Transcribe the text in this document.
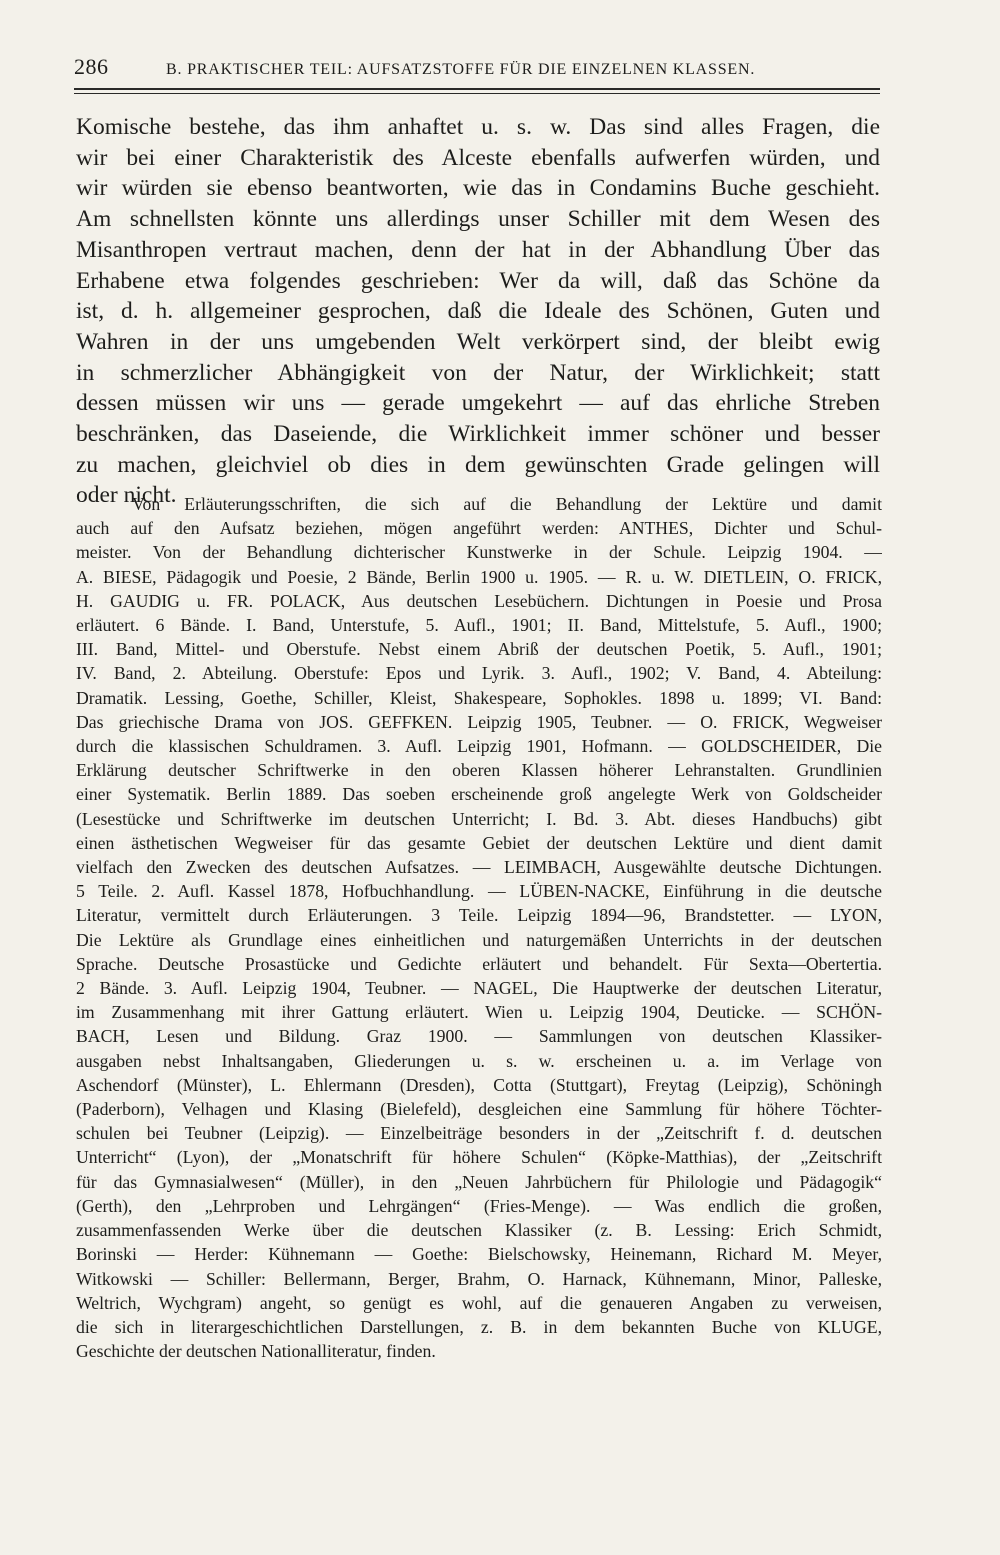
286	B. PRAKTISCHER TEIL: AUFSATZSTOFFE FÜR DIE EINZELNEN KLASSEN.
Komische bestehe, das ihm anhaftet u. s. w. Das sind alles Fragen, die
wir bei einer Charakteristik des Alceste ebenfalls aufwerfen würden, und
wir würden sie ebenso beantworten, wie das in Condamins Buche geschieht.
Am schnellsten könnte uns allerdings unser Schiller mit dem Wesen des
Misanthropen vertraut machen, denn der hat in der Abhandlung Über das
Erhabene etwa folgendes geschrieben: Wer da will, daß das Schöne da
ist, d. h. allgemeiner gesprochen, daß die Ideale des Schönen, Guten und
Wahren in der uns umgebenden Welt verkörpert sind, der bleibt ewig
in schmerzlicher Abhängigkeit von der Natur, der Wirklichkeit; statt
dessen müssen wir uns — gerade umgekehrt — auf das ehrliche Streben
beschränken, das Daseiende, die Wirklichkeit immer schöner und besser
zu machen, gleichviel ob dies in dem gewünschten Grade gelingen will
oder nicht.
Von Erläuterungsschriften, die sich auf die Behandlung der Lektüre und damit
auch auf den Aufsatz beziehen, mögen angeführt werden: ANTHES, Dichter und Schul-
meister. Von der Behandlung dichterischer Kunstwerke in der Schule. Leipzig 1904. —
A. BIESE, Pädagogik und Poesie, 2 Bände, Berlin 1900 u. 1905. — R. u. W. DIETLEIN, O. FRICK,
H. GAUDIG u. FR. POLACK, Aus deutschen Lesebüchern. Dichtungen in Poesie und Prosa
erläutert. 6 Bände. I. Band, Unterstufe, 5. Aufl., 1901; II. Band, Mittelstufe, 5. Aufl., 1900;
III. Band, Mittel- und Oberstufe. Nebst einem Abriß der deutschen Poetik, 5. Aufl., 1901;
IV. Band, 2. Abteilung. Oberstufe: Epos und Lyrik. 3. Aufl., 1902; V. Band, 4. Abteilung:
Dramatik. Lessing, Goethe, Schiller, Kleist, Shakespeare, Sophokles. 1898 u. 1899; VI. Band:
Das griechische Drama von JOS. GEFFKEN. Leipzig 1905, Teubner. — O. FRICK, Wegweiser
durch die klassischen Schuldramen. 3. Aufl. Leipzig 1901, Hofmann. — GOLDSCHEIDER, Die
Erklärung deutscher Schriftwerke in den oberen Klassen höherer Lehranstalten. Grundlinien
einer Systematik. Berlin 1889. Das soeben erscheinende groß angelegte Werk von Goldscheider
(Lesestücke und Schriftwerke im deutschen Unterricht; I. Bd. 3. Abt. dieses Handbuchs) gibt
einen ästhetischen Wegweiser für das gesamte Gebiet der deutschen Lektüre und dient damit
vielfach den Zwecken des deutschen Aufsatzes. — LEIMBACH, Ausgewählte deutsche Dichtungen.
5 Teile. 2. Aufl. Kassel 1878, Hofbuchhandlung. — LÜBEN-NACKE, Einführung in die deutsche
Literatur, vermittelt durch Erläuterungen. 3 Teile. Leipzig 1894—96, Brandstetter. — LYON,
Die Lektüre als Grundlage eines einheitlichen und naturgemäßen Unterrichts in der deutschen
Sprache. Deutsche Prosastücke und Gedichte erläutert und behandelt. Für Sexta—Obertertia.
2 Bände. 3. Aufl. Leipzig 1904, Teubner. — NAGEL, Die Hauptwerke der deutschen Literatur,
im Zusammenhang mit ihrer Gattung erläutert. Wien u. Leipzig 1904, Deuticke. — SCHÖN-
BACH, Lesen und Bildung. Graz 1900. — Sammlungen von deutschen Klassiker-
ausgaben nebst Inhaltsangaben, Gliederungen u. s. w. erscheinen u. a. im Verlage von
Aschendorf (Münster), L. Ehlermann (Dresden), Cotta (Stuttgart), Freytag (Leipzig), Schöningh
(Paderborn), Velhagen und Klasing (Bielefeld), desgleichen eine Sammlung für höhere Töchter-
schulen bei Teubner (Leipzig). — Einzelbeiträge besonders in der „Zeitschrift f. d. deutschen
Unterricht“ (Lyon), der „Monatschrift für höhere Schulen“ (Köpke-Matthias), der „Zeitschrift
für das Gymnasialwesen“ (Müller), in den „Neuen Jahrbüchern für Philologie und Pädagogik“
(Gerth), den „Lehrproben und Lehrgängen“ (Fries-Menge). — Was endlich die großen,
zusammenfassenden Werke über die deutschen Klassiker (z. B. Lessing: Erich Schmidt,
Borinski — Herder: Kühnemann — Goethe: Bielschowsky, Heinemann, Richard M. Meyer,
Witkowski — Schiller: Bellermann, Berger, Brahm, O. Harnack, Kühnemann, Minor, Palleske,
Weltrich, Wychgram) angeht, so genügt es wohl, auf die genaueren Angaben zu verweisen,
die sich in literargeschichtlichen Darstellungen, z. B. in dem bekannten Buche von KLUGE,
Geschichte der deutschen Nationalliteratur, finden.
